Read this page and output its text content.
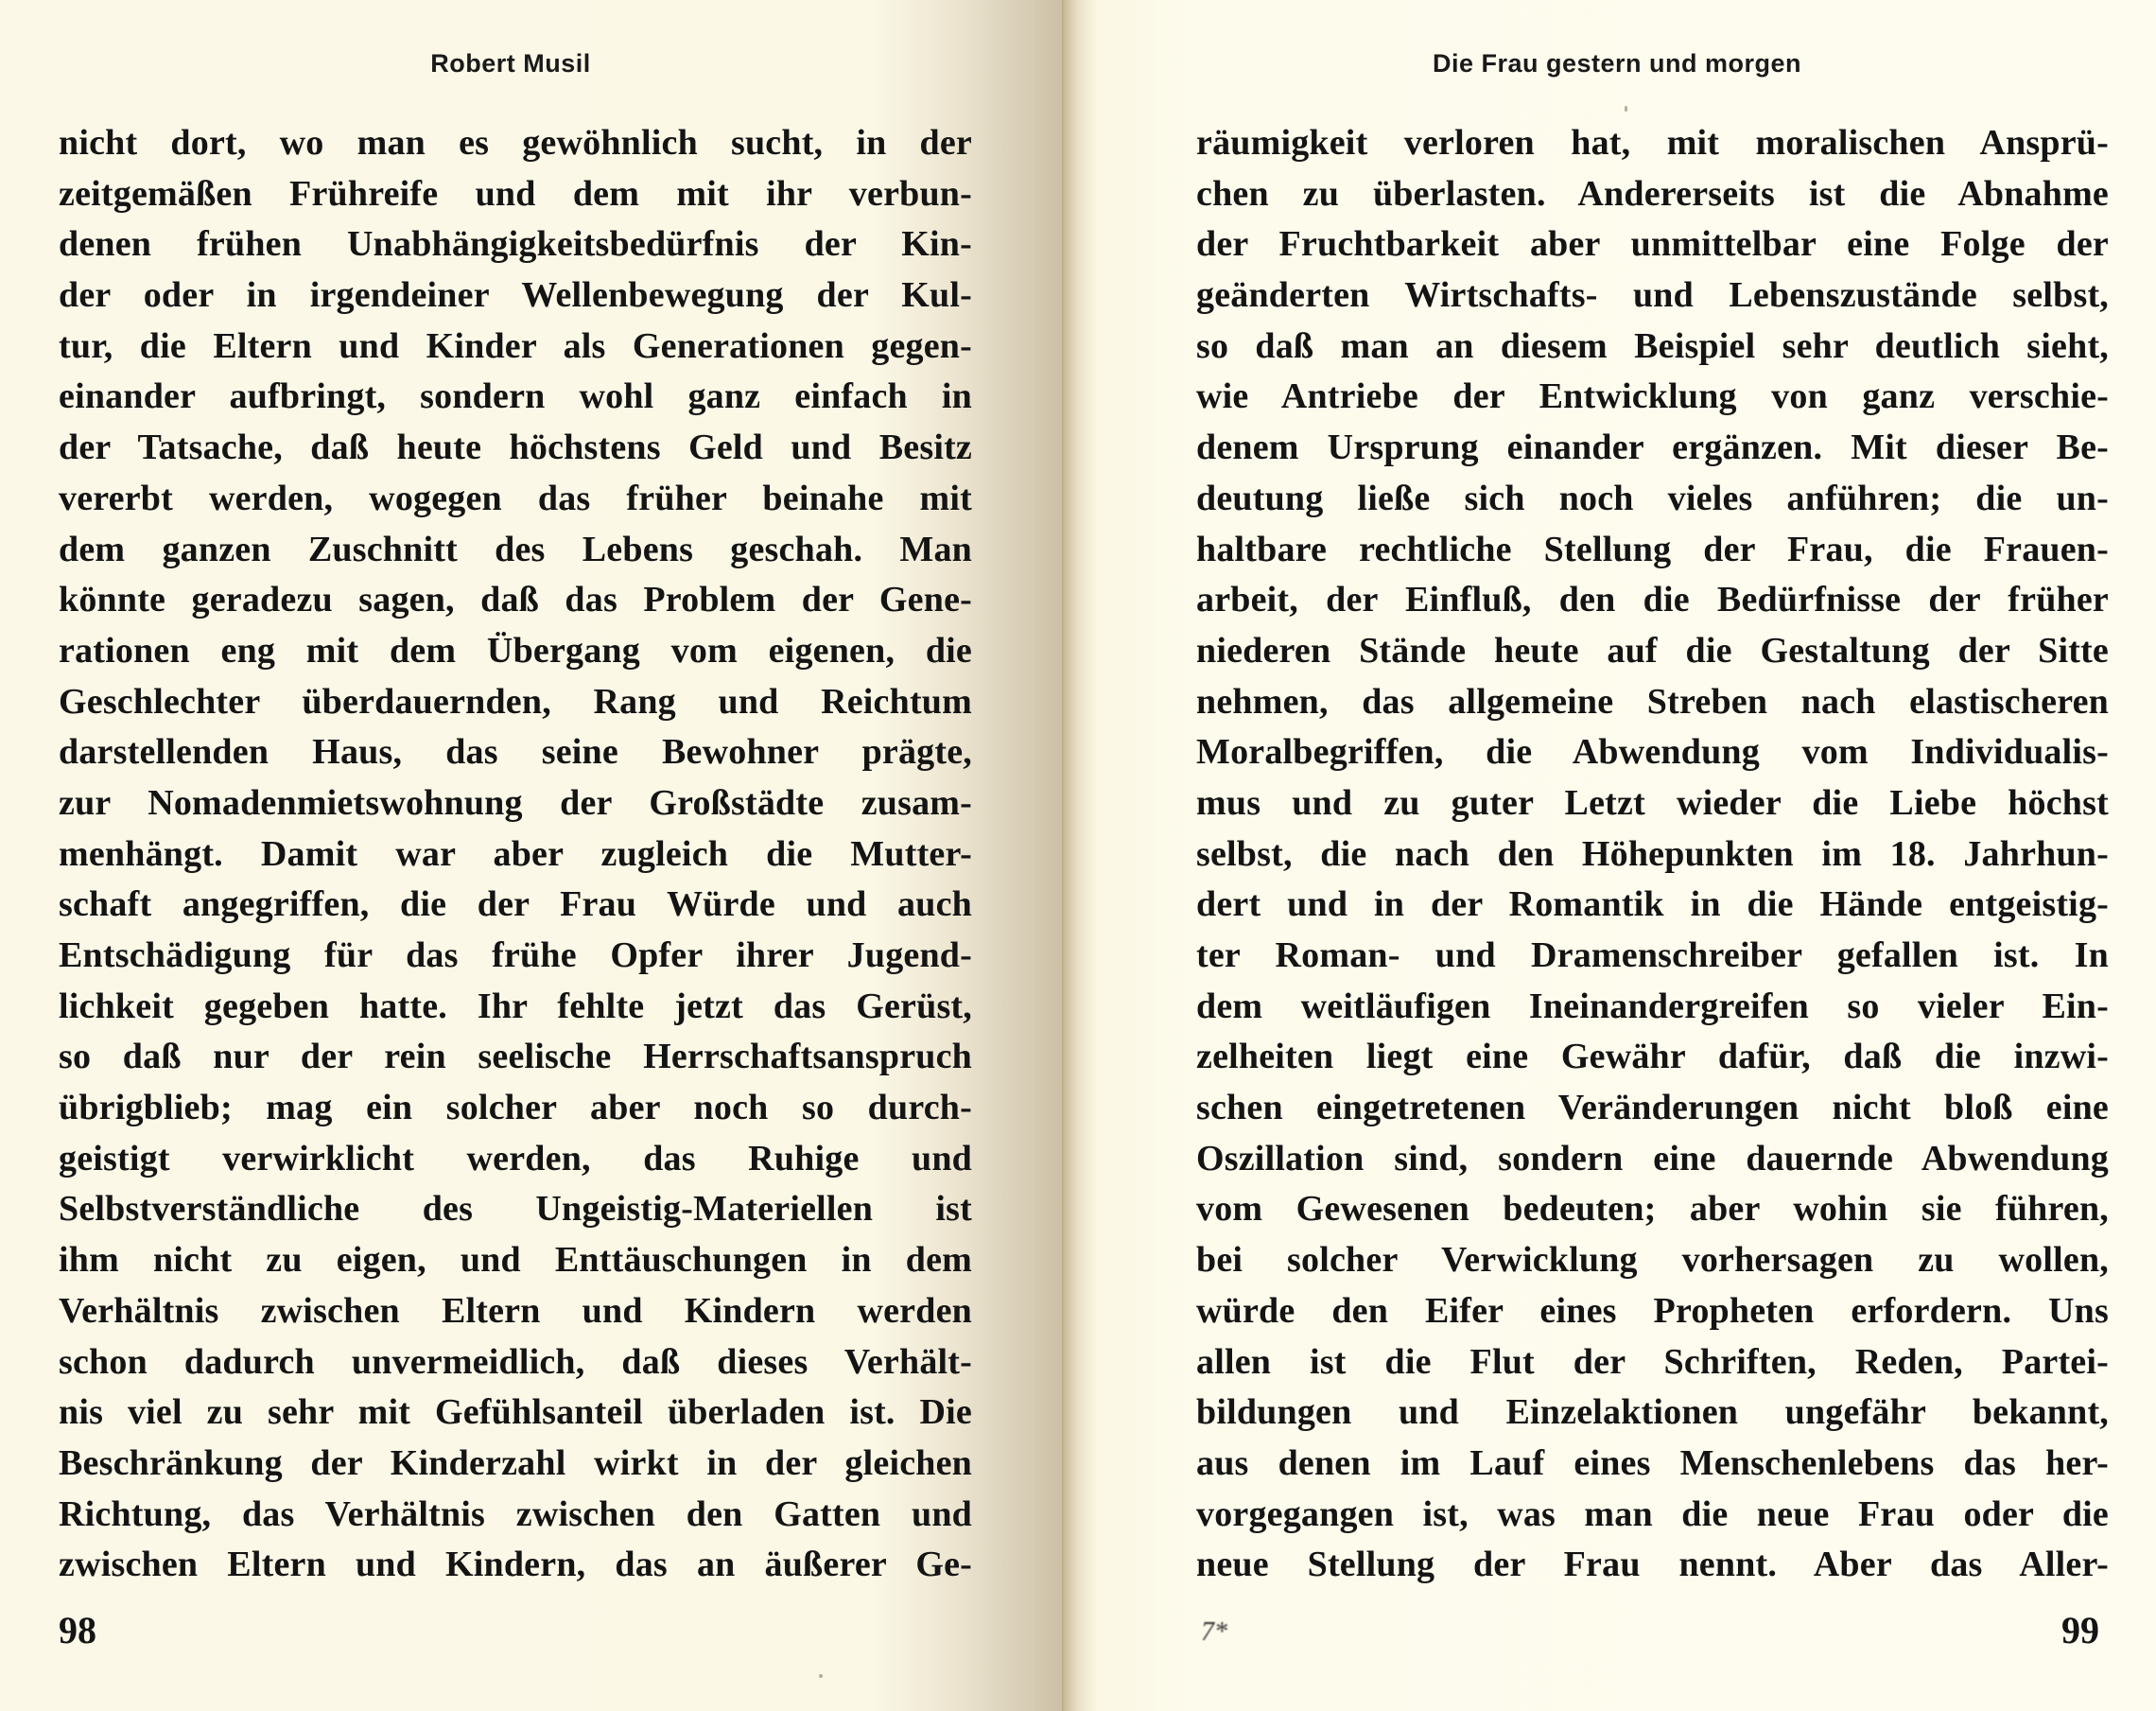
Robert Musil
nicht dort, wo man es gewöhnlich sucht, in der
zeitgemäßen Frühreife und dem mit ihr verbun-
denen frühen Unabhängigkeitsbedürfnis der Kin-
der oder in irgendeiner Wellenbewegung der Kul-
tur, die Eltern und Kinder als Generationen gegen-
einander aufbringt, sondern wohl ganz einfach in
der Tatsache, daß heute höchstens Geld und Besitz
vererbt werden, wogegen das früher beinahe mit
dem ganzen Zuschnitt des Lebens geschah. Man
könnte geradezu sagen, daß das Problem der Gene-
rationen eng mit dem Übergang vom eigenen, die
Geschlechter überdauernden, Rang und Reichtum
darstellenden Haus, das seine Bewohner prägte,
zur Nomadenmietswohnung der Großstädte zusam-
menhängt. Damit war aber zugleich die Mutter-
schaft angegriffen, die der Frau Würde und auch
Entschädigung für das frühe Opfer ihrer Jugend-
lichkeit gegeben hatte. Ihr fehlte jetzt das Gerüst,
so daß nur der rein seelische Herrschaftsanspruch
übrigblieb; mag ein solcher aber noch so durch-
geistigt verwirklicht werden, das Ruhige und
Selbstverständliche des Ungeistig-Materiellen ist
ihm nicht zu eigen, und Enttäuschungen in dem
Verhältnis zwischen Eltern und Kindern werden
schon dadurch unvermeidlich, daß dieses Verhält-
nis viel zu sehr mit Gefühlsanteil überladen ist. Die
Beschränkung der Kinderzahl wirkt in der gleichen
Richtung, das Verhältnis zwischen den Gatten und
zwischen Eltern und Kindern, das an äußerer Ge-
98
Die Frau gestern und morgen
räumigkeit verloren hat, mit moralischen Ansprü-
chen zu überlasten. Andererseits ist die Abnahme
der Fruchtbarkeit aber unmittelbar eine Folge der
geänderten Wirtschafts- und Lebenszustände selbst,
so daß man an diesem Beispiel sehr deutlich sieht,
wie Antriebe der Entwicklung von ganz verschie-
denem Ursprung einander ergänzen. Mit dieser Be-
deutung ließe sich noch vieles anführen; die un-
haltbare rechtliche Stellung der Frau, die Frauen-
arbeit, der Einfluß, den die Bedürfnisse der früher
niederen Stände heute auf die Gestaltung der Sitte
nehmen, das allgemeine Streben nach elastischeren
Moralbegriffen, die Abwendung vom Individualis-
mus und zu guter Letzt wieder die Liebe höchst
selbst, die nach den Höhepunkten im 18. Jahrhun-
dert und in der Romantik in die Hände entgeistig-
ter Roman- und Dramenschreiber gefallen ist. In
dem weitläufigen Ineinandergreifen so vieler Ein-
zelheiten liegt eine Gewähr dafür, daß die inzwi-
schen eingetretenen Veränderungen nicht bloß eine
Oszillation sind, sondern eine dauernde Abwendung
vom Gewesenen bedeuten; aber wohin sie führen,
bei solcher Verwicklung vorhersagen zu wollen,
würde den Eifer eines Propheten erfordern. Uns
allen ist die Flut der Schriften, Reden, Partei-
bildungen und Einzelaktionen ungefähr bekannt,
aus denen im Lauf eines Menschenlebens das her-
vorgegangen ist, was man die neue Frau oder die
neue Stellung der Frau nennt. Aber das Aller-
7*	99
